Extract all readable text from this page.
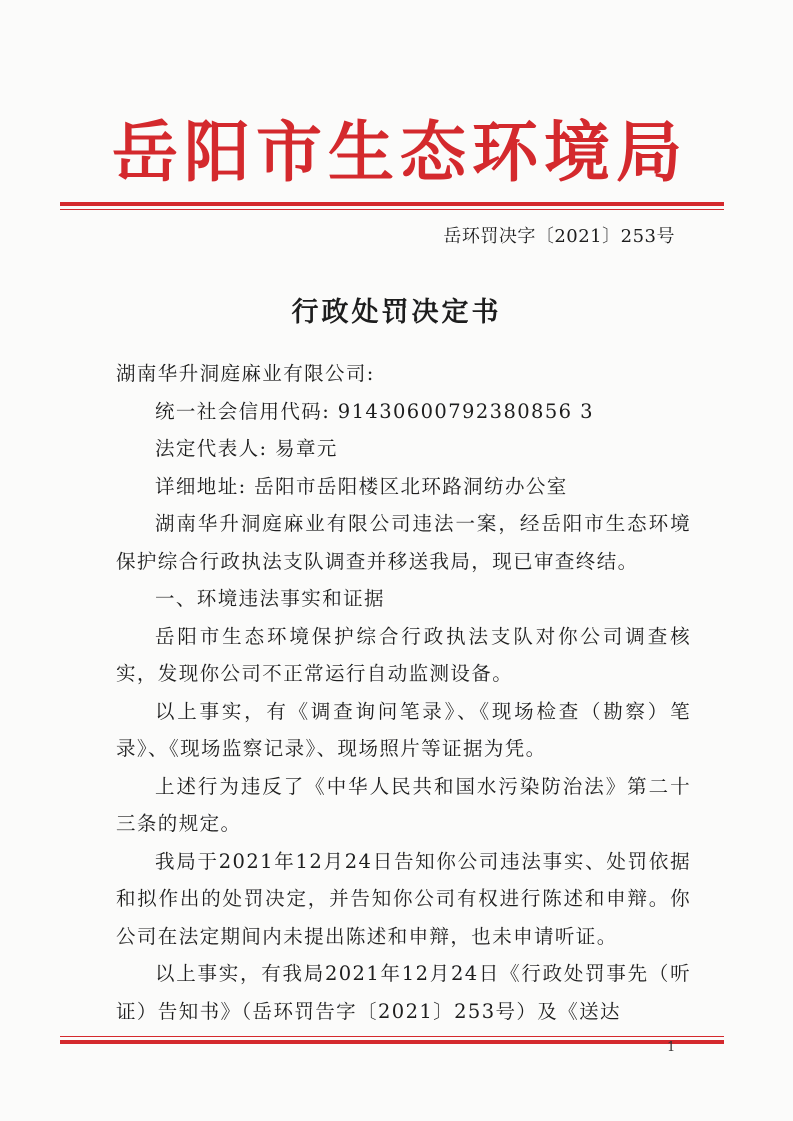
岳阳市生态环境局
岳环罚决字〔2021〕253号
行政处罚决定书

湖南华升洞庭麻业有限公司:

统一社会信用代码: 91430600792380856 3

法定代表人: 易章元

详细地址: 岳阳市岳阳楼区北环路洞纺办公室

湖南华升洞庭麻业有限公司违法一案，经岳阳市生态环境保护综合行政执法支队调查并移送我局，现已审查终结。

一、环境违法事实和证据

岳阳市生态环境保护综合行政执法支队对你公司调查核实，发现你公司不正常运行自动监测设备。

以上事实，有《调查询问笔录》、《现场检查（勘察）笔录》、《现场监察记录》、现场照片等证据为凭。

上述行为违反了《中华人民共和国水污染防治法》第二十三条的规定。

我局于2021年12月24日告知你公司违法事实、处罚依据和拟作出的处罚决定，并告知你公司有权进行陈述和申辩。你公司在法定期间内未提出陈述和申辩，也未申请听证。

以上事实，有我局2021年12月24日《行政处罚事先（听证）告知书》（岳环罚告字〔2021〕253号）及《送达

1
